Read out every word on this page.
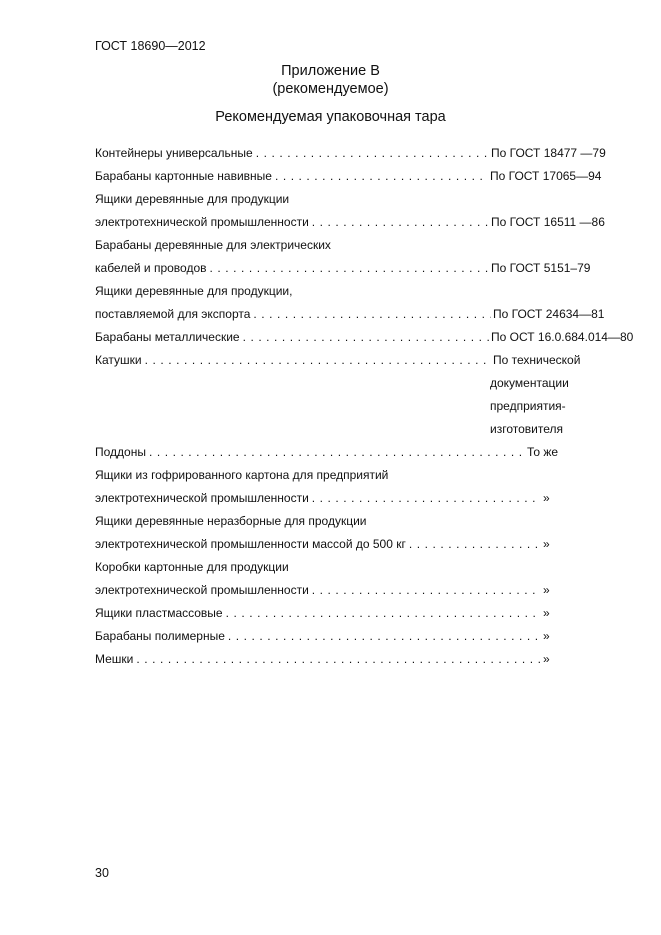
ГОСТ 18690—2012
Приложение В
(рекомендуемое)
Рекомендуемая упаковочная тара
Контейнеры универсальные . . .	По ГОСТ 18477 —79
Барабаны картонные навивные . . .	По ГОСТ 17065—94
Ящики деревянные для продукции
электротехнической промышленности . . .	По ГОСТ 16511 —86
Барабаны деревянные для электрических
кабелей и проводов . . .	По ГОСТ 5151–79
Ящики деревянные для продукции,
поставляемой для экспорта . . .	По ГОСТ 24634—81
Барабаны металлические . . .	По ОСТ 16.0.684.014—80
Катушки . . .	По технической
документации
предприятия-
изготовителя
Поддоны . . .	То же
Ящики из гофрированного картона для предприятий
электротехнической промышленности . . .	»
Ящики деревянные неразборные для продукции
электротехнической промышленности массой до 500 кг . . .	»
Коробки картонные для продукции
электротехнической промышленности . . .	»
Ящики пластмассовые . . .	»
Барабаны полимерные . . .	»
Мешки . . .	»
30
